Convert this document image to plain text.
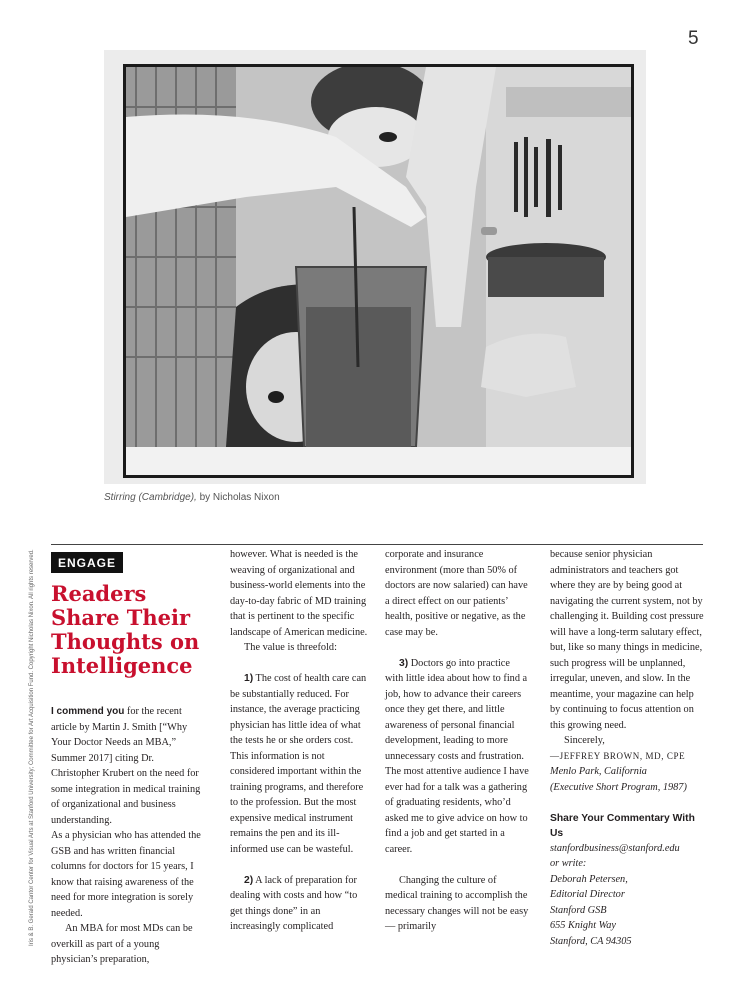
5
Iris & B. Gerald Cantor Center for Visual Arts at Stanford University; Committee for Art Acquisition Fund. Copyright Nicholas Nixon. All rights reserved.
Stirring (Cambridge), by Nicholas Nixon
ENGAGE
Readers Share Their Thoughts on Intelligence

I commend you for the recent article by Martin J. Smith [“Why Your Doctor Needs an MBA,” Summer 2017] citing Dr. Christopher Krubert on the need for some integration in medical training of organizational and business understanding.

As a physician who has attended the GSB and has written financial columns for doctors for 15 years, I know that raising awareness of the need for more integration is sorely needed.

An MBA for most MDs can be overkill as part of a young physician’s preparation,

however. What is needed is the weaving of organizational and business-world elements into the day-to-day fabric of MD training that is pertinent to the specific landscape of American medicine.

The value is threefold:

1) The cost of health care can be substantially reduced. For instance, the average practicing physician has little idea of what the tests he or she orders cost. This information is not considered important within the training programs, and therefore to the profession. But the most expensive medical instrument remains the pen and its ill-informed use can be wasteful.

2) A lack of preparation for dealing with costs and how “to get things done” in an increasingly complicated

corporate and insurance environment (more than 50% of doctors are now salaried) can have a direct effect on our patients’ health, positive or negative, as the case may be.

3) Doctors go into practice with little idea about how to find a job, how to advance their careers once they get there, and little awareness of personal financial development, leading to more unnecessary costs and frustration. The most attentive audience I have ever had for a talk was a gathering of graduating residents, who’d asked me to give advice on how to find a job and get started in a career.

Changing the culture of medical training to accomplish the necessary changes will not be easy — primarily

because senior physician administrators and teachers got where they are by being good at navigating the current system, not by challenging it. Building cost pressure will have a long-term salutary effect, but, like so many things in medicine, such progress will be unplanned, irregular, uneven, and slow. In the meantime, your magazine can help by continuing to focus attention on this growing need.

Sincerely,

—JEFFREY BROWN, MD, CPE

Menlo Park, California

(Executive Short Program, 1987)

Share Your Commentary With Us

stanfordbusiness@stanford.edu

or write:

Deborah Petersen,

Editorial Director

Stanford GSB

655 Knight Way

Stanford, CA 94305
